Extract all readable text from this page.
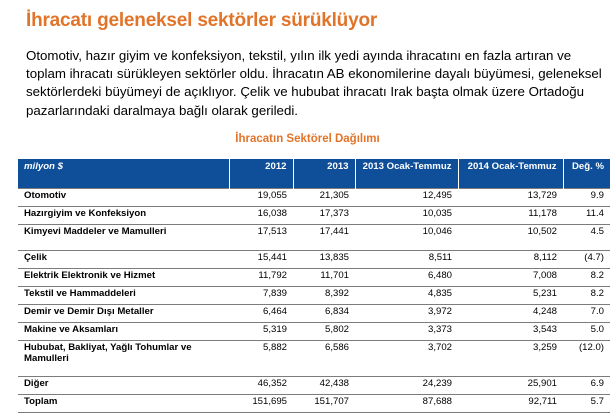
İhracatı geleneksel sektörler sürüklüyor
Otomotiv, hazır giyim ve konfeksiyon, tekstil, yılın ilk yedi ayında ihracatını en fazla artıran ve toplam ihracatı sürükleyen sektörler oldu. İhracatın AB ekonomilerine dayalı büyümesi, geleneksel sektörlerdeki büyümeyi de açıklıyor. Çelik ve hububat ihracatı Irak başta olmak üzere Ortadoğu pazarlarındaki daralmaya bağlı olarak geriledi.
İhracatın Sektörel Dağılımı
milyon $	2012	2013	2013 Ocak-Temmuz	2014 Ocak-Temmuz	Değ. %
Otomotiv	19,055	21,305	12,495	13,729	9.9
Hazırgiyim ve Konfeksiyon	16,038	17,373	10,035	11,178	11.4
Kimyevi Maddeler ve Mamulleri	17,513	17,441	10,046	10,502	4.5
Çelik	15,441	13,835	8,511	8,112	(4.7)
Elektrik Elektronik ve Hizmet	11,792	11,701	6,480	7,008	8.2
Tekstil ve Hammaddeleri	7,839	8,392	4,835	5,231	8.2
Demir ve Demir Dışı Metaller	6,464	6,834	3,972	4,248	7.0
Makine ve Aksamları	5,319	5,802	3,373	3,543	5.0
Hububat, Bakliyat, Yağlı Tohumlar ve Mamulleri	5,882	6,586	3,702	3,259	(12.0)
Diğer	46,352	42,438	24,239	25,901	6.9
Toplam	151,695	151,707	87,688	92,711	5.7
